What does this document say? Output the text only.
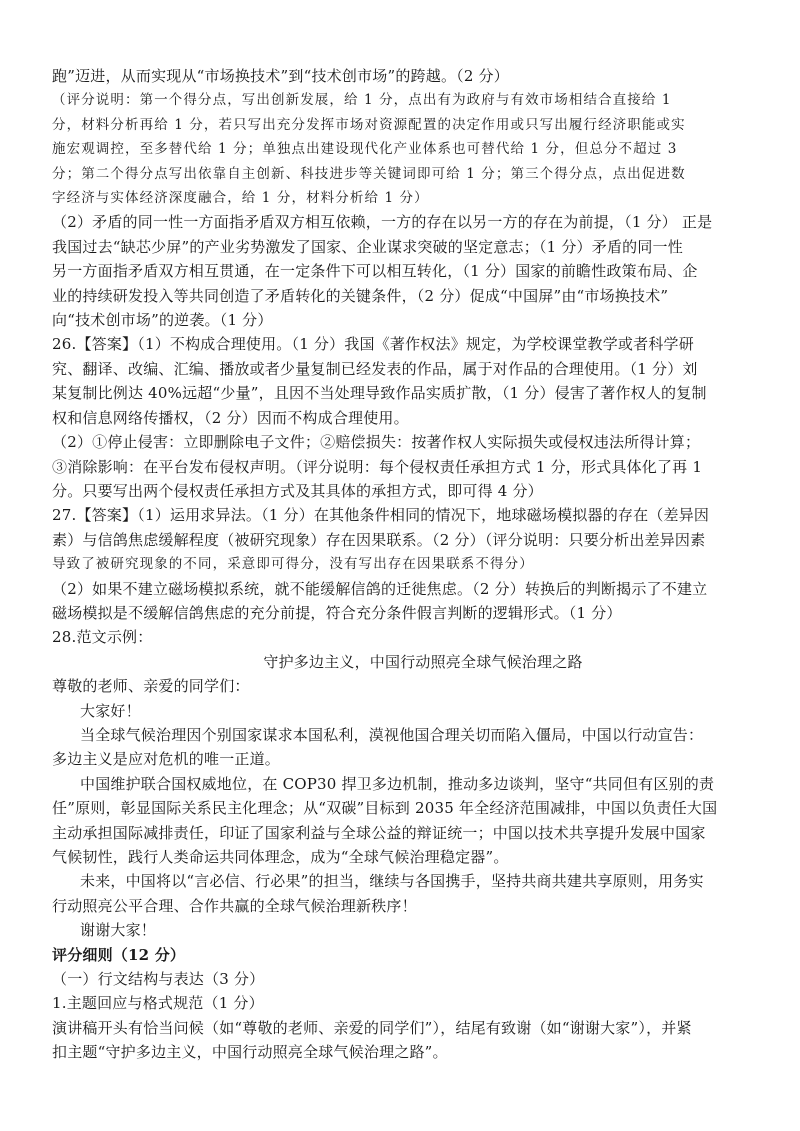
跑”迈进，从而实现从“市场换技术”到“技术创市场”的跨越。（2 分）
（评分说明：第一个得分点，写出创新发展，给 1 分，点出有为政府与有效市场相结合直接给 1
分，材料分析再给 1 分，若只写出充分发挥市场对资源配置的决定作用或只写出履行经济职能或实
施宏观调控，至多替代给 1 分；单独点出建设现代化产业体系也可替代给 1 分，但总分不超过 3
分；第二个得分点写出依靠自主创新、科技进步等关键词即可给 1 分；第三个得分点，点出促进数
字经济与实体经济深度融合，给 1 分，材料分析给 1 分）
（2）矛盾的同一性一方面指矛盾双方相互依赖，一方的存在以另一方的存在为前提，（1 分） 正是
我国过去“缺芯少屏”的产业劣势激发了国家、企业谋求突破的坚定意志；（1 分）矛盾的同一性
另一方面指矛盾双方相互贯通，在一定条件下可以相互转化，（1 分）国家的前瞻性政策布局、企
业的持续研发投入等共同创造了矛盾转化的关键条件，（2 分）促成“中国屏”由“市场换技术”
向“技术创市场”的逆袭。（1 分）
26.【答案】（1）不构成合理使用。（1 分）我国《著作权法》规定，为学校课堂教学或者科学研
究、翻译、改编、汇编、播放或者少量复制已经发表的作品，属于对作品的合理使用。（1 分）刘
某复制比例达 40%远超“少量”，且因不当处理导致作品实质扩散，（1 分）侵害了著作权人的复制
权和信息网络传播权，（2 分）因而不构成合理使用。
（2）①停止侵害：立即删除电子文件；②赔偿损失：按著作权人实际损失或侵权违法所得计算；
③消除影响：在平台发布侵权声明。（评分说明：每个侵权责任承担方式 1 分，形式具体化了再 1
分。只要写出两个侵权责任承担方式及其具体的承担方式，即可得 4 分）
27.【答案】（1）运用求异法。（1 分）在其他条件相同的情况下，地球磁场模拟器的存在（差异因
素）与信鸽焦虑缓解程度（被研究现象）存在因果联系。（2 分）（评分说明：只要分析出差异因素
导致了被研究现象的不同，采意即可得分，没有写出存在因果联系不得分）
（2）如果不建立磁场模拟系统，就不能缓解信鸽的迁徙焦虑。（2 分）转换后的判断揭示了不建立
磁场模拟是不缓解信鸽焦虑的充分前提，符合充分条件假言判断的逻辑形式。（1 分）
28.范文示例：
守护多边主义，中国行动照亮全球气候治理之路
尊敬的老师、亲爱的同学们：
大家好！
当全球气候治理因个别国家谋求本国私利，漠视他国合理关切而陷入僵局，中国以行动宣告：
多边主义是应对危机的唯一正道。
中国维护联合国权威地位，在 COP30 捍卫多边机制，推动多边谈判，坚守“共同但有区别的责
任”原则，彰显国际关系民主化理念；从“双碳”目标到 2035 年全经济范围减排，中国以负责任大国
主动承担国际减排责任，印证了国家利益与全球公益的辩证统一；中国以技术共享提升发展中国家
气候韧性，践行人类命运共同体理念，成为“全球气候治理稳定器”。
未来，中国将以“言必信、行必果”的担当，继续与各国携手，坚持共商共建共享原则，用务实
行动照亮公平合理、合作共赢的全球气候治理新秩序！
谢谢大家！
评分细则（12 分）
（一）行文结构与表达（3 分）
1.主题回应与格式规范（1 分）
演讲稿开头有恰当问候（如“尊敬的老师、亲爱的同学们”），结尾有致谢（如“谢谢大家”），并紧
扣主题“守护多边主义，中国行动照亮全球气候治理之路”。
